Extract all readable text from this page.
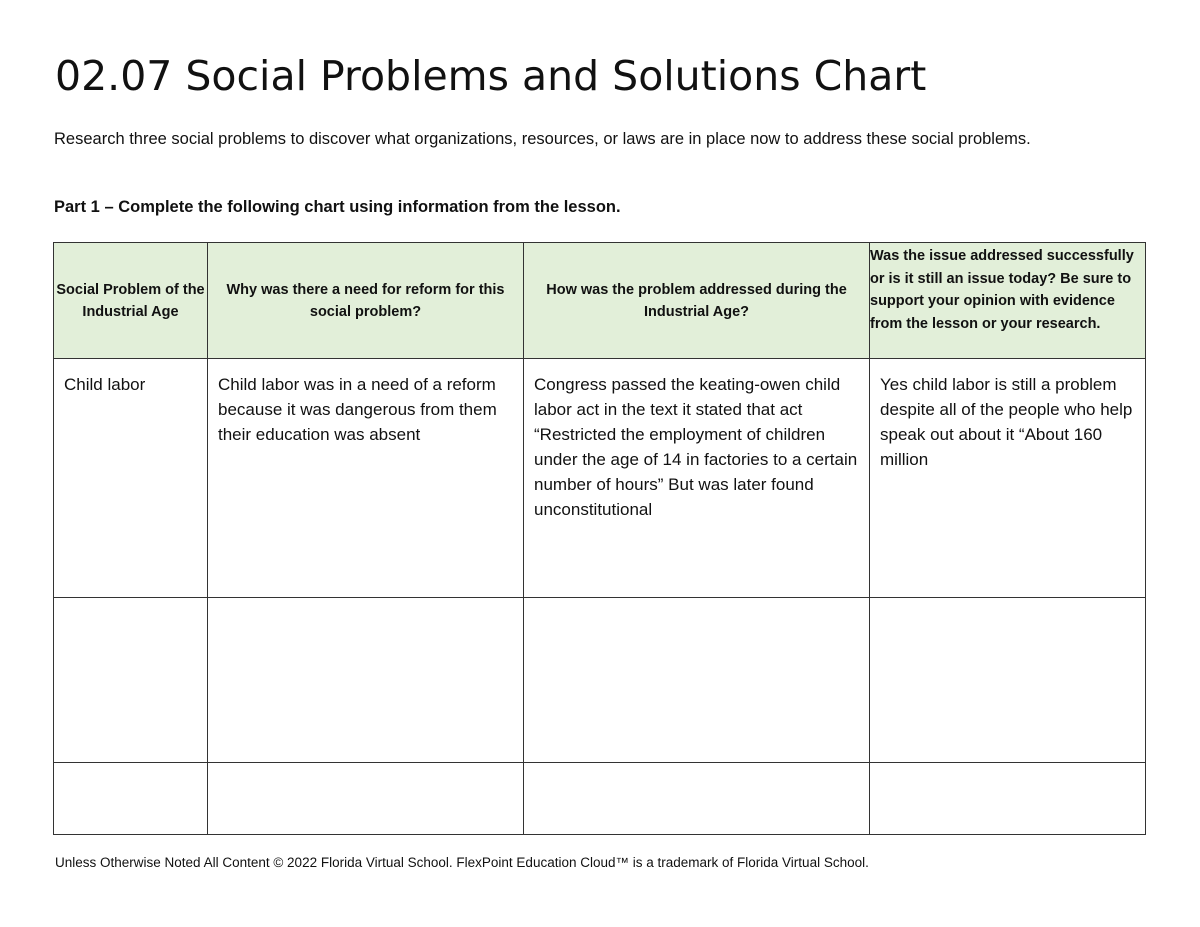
02.07 Social Problems and Solutions Chart
Research three social problems to discover what organizations, resources, or laws are in place now to address these social problems.
Part 1 – Complete the following chart using information from the lesson.
Social Problem of the Industrial Age	Why was there a need for reform for this social problem?	How was the problem addressed during the Industrial Age?	Was the issue addressed successfully or is it still an issue today? Be sure to support your opinion with evidence from the lesson or your research.

Child labor	Child labor was in a need of a reform because it was dangerous from them their education was absent	Congress passed the keating-owen child labor act in the text it stated that act “Restricted the employment of children under the age of 14 in factories to a certain number of hours” But was later found unconstitutional	Yes child labor is still a problem despite all of the people who help speak out about it “About 160 million

Unless Otherwise Noted All Content © 2022 Florida Virtual School. FlexPoint Education Cloud™ is a trademark of Florida Virtual School.
